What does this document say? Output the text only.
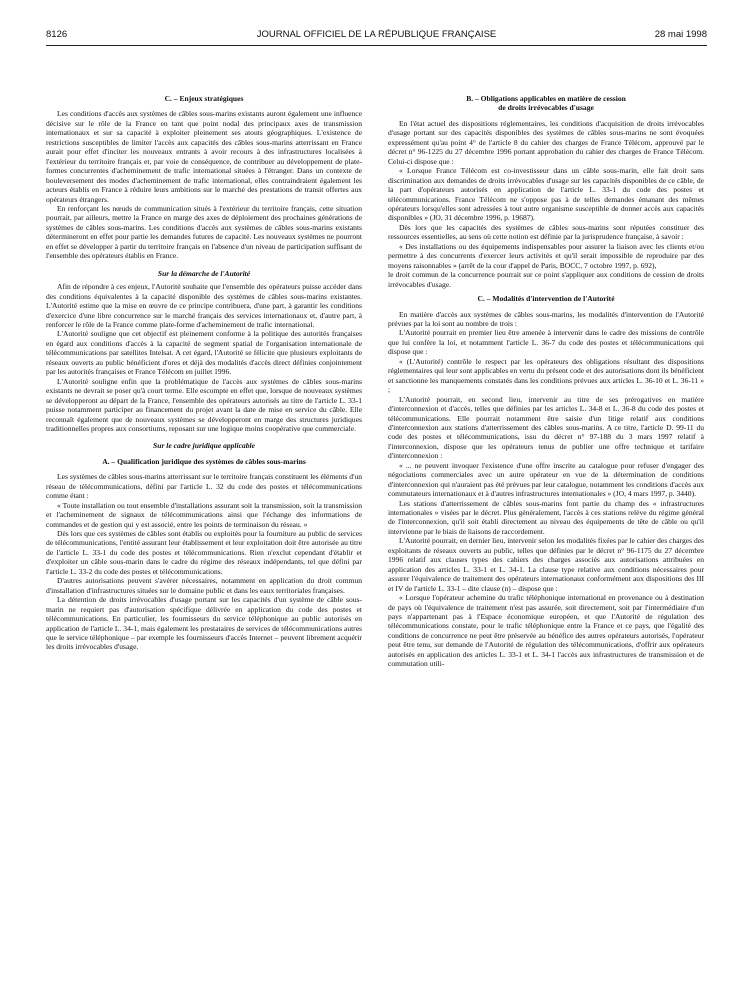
8126	JOURNAL OFFICIEL DE LA RÉPUBLIQUE FRANÇAISE	28 mai 1998
C. – Enjeux stratégiques

Les conditions d'accès aux systèmes de câbles sous-marins existants auront également une influence décisive sur le rôle de la France en tant que point nodal des principaux axes de transmission internationaux et sur sa capacité à exploiter pleinement ses atouts géographiques. L'existence de restrictions susceptibles de limiter l'accès aux capacités des câbles sous-marins atterrissant en France aurait pour effet d'inciter les nouveaux entrants à avoir recours à des infrastructures localisées à l'extérieur du territoire français et, par voie de conséquence, de contribuer au développement de plate-formes concurrentes d'acheminement de trafic international situées à l'étranger. Dans un contexte de bouleversement des modes d'acheminement de trafic international, elles contraindraient également les acteurs établis en France à réduire leurs ambitions sur le marché des prestations de transit offertes aux opérateurs étrangers.

En renforçant les nœuds de communication situés à l'extérieur du territoire français, cette situation pourrait, par ailleurs, mettre la France en marge des axes de déploiement des prochaines générations de systèmes de câbles sous-marins. Les conditions d'accès aux systèmes de câbles sous-marins existants détermineront en effet pour partie les demandes futures de capacité. Les nouveaux systèmes ne pourront en effet se développer à partir du territoire français en l'absence d'un niveau de participation suffisant de l'ensemble des opérateurs établis en France.

Sur la démarche de l'Autorité

Afin de répondre à ces enjeux, l'Autorité souhaite que l'ensemble des opérateurs puisse accéder dans des conditions équivalentes à la capacité disponible des systèmes de câbles sous-marins existantes. L'Autorité estime que la mise en œuvre de ce principe contribuera, d'une part, à garantir les conditions d'exercice d'une libre concurrence sur le marché français des services internationaux et, d'autre part, à renforcer le rôle de la France comme plate-forme d'acheminement de trafic international.

L'Autorité souligne que cet objectif est pleinement conforme à la politique des autorités françaises en égard aux conditions d'accès à la capacité de segment spatial de l'organisation internationale de télécommunications par satellites Intelsat. A cet égard, l'Autorité se félicite que plusieurs exploitants de réseaux ouverts au public bénéficient d'ores et déjà des modalités d'accès direct définies conjointement par les autorités françaises et France Télécom en juillet 1996.

L'Autorité souligne enfin que la problématique de l'accès aux systèmes de câbles sous-marins existants ne devrait se poser qu'à court terme. Elle escompte en effet que, lorsque de nouveaux systèmes se développeront au départ de la France, l'ensemble des opérateurs autorisés au titre de l'article L. 33-1 puisse notamment participer au financement du projet avant la date de mise en service du câble. Elle reconnaît également que de nouveaux systèmes se développeront en marge des structures juridiques traditionnelles propres aux consortiums, reposant sur une logique moins coopérative que commerciale.

Sur le cadre juridique applicable
A. – Qualification juridique des systèmes de câbles sous-marins

Les systèmes de câbles sous-marins atterrissant sur le territoire français constituent les éléments d'un réseau de télécommunications, défini par l'article L. 32 du code des postes et télécommunications comme étant :

« Toute installation ou tout ensemble d'installations assurant soit la transmission, soit la transmission et l'acheminement de signaux de télécommunications ainsi que l'échange des informations de commandes et de gestion qui y est associé, entre les points de terminaison du réseau. »

Dès lors que ces systèmes de câbles sont établis ou exploités pour la fourniture au public de services de télécommunications, l'entité assurant leur établissement et leur exploitation doit être autorisée au titre de l'article L. 33-1 du code des postes et télécommunications. Rien n'exclut cependant d'établir et d'exploiter un câble sous-marin dans le cadre du régime des réseaux indépendants, tel que défini par l'article L. 33-2 du code des postes et télécommunications.

D'autres autorisations peuvent s'avérer nécessaires, notamment en application du droit commun d'installation d'infrastructures situées sur le domaine public et dans les eaux territoriales françaises.

La détention de droits irrévocables d'usage portant sur les capacités d'un système de câble sous-marin ne requiert pas d'autorisation spécifique délivrée en application du code des postes et télécommunications. En particulier, les fournisseurs du service téléphonique au public autorisés en application de l'article L. 34-1, mais également les prestataires de services de télécommunications autres que le service téléphonique – par exemple les fournisseurs d'accès Internet – peuvent librement acquérir les droits irrévocables d'usage.

B. – Obligations applicables en matière de cession
de droits irrévocables d'usage

En l'état actuel des dispositions réglementaires, les conditions d'acquisition de droits irrévocables d'usage portant sur des capacités disponibles des systèmes de câbles sous-marins ne sont évoquées expressément qu'au point 4° de l'article 8 du cahier des charges de France Télécom, approuvé par le décret n° 96-1225 du 27 décembre 1996 portant approbation du cahier des charges de France Télécom. Celui-ci dispose que :

« Lorsque France Télécom est co-investisseur dans un câble sous-marin, elle fait droit sans discrimination aux demandes de droits irrévocables d'usage sur les capacités disponibles de ce câble, de la part d'opérateurs autorisés en application de l'article L. 33-1 du code des postes et télécommunications. France Télécom ne s'oppose pas à de telles demandes émanant des mêmes opérateurs lorsqu'elles sont adressées à tout autre organisme susceptible de donner accès aux capacités disponibles » (JO, 31 décembre 1996, p. 19687).

Dès lors que les capacités des systèmes de câbles sous-marins sont réputées constituer des ressources essentielles, au sens où cette notion est définie par la jurisprudence française, à savoir :

« Des installations ou des équipements indispensables pour assurer la liaison avec les clients et/ou permettre à des concurrents d'exercer leurs activités et qu'il serait impossible de reproduire par des moyens raisonnables » (arrêt de la cour d'appel de Paris, BOCC, 7 octobre 1997, p. 692),

le droit commun de la concurrence pourrait sur ce point s'appliquer aux conditions de cession de droits irrévocables d'usage.

C. – Modalités d'intervention de l'Autorité

En matière d'accès aux systèmes de câbles sous-marins, les modalités d'intervention de l'Autorité prévues par la loi sont au nombre de trois :

L'Autorité pourrait en premier lieu être amenée à intervenir dans le cadre des missions de contrôle que lui confère la loi, et notamment l'article L. 36-7 du code des postes et télécommunications qui dispose que :

« (L'Autorité) contrôle le respect par les opérateurs des obligations résultant des dispositions réglementaires qui leur sont applicables en vertu du présent code et des autorisations dont ils bénéficient et sanctionne les manquements constatés dans les conditions prévues aux articles L. 36-10 et L. 36-11 » ;

L'Autorité pourrait, en second lieu, intervenir au titre de ses prérogatives en matière d'interconnexion et d'accès, telles que définies par les articles L. 34-8 et L. 36-8 du code des postes et télécommunications. Elle pourrait notamment être saisie d'un litige relatif aux conditions d'interconnexion aux stations d'atterrissement des câbles sous-marins. A ce titre, l'article D. 99-11 du code des postes et télécommunications, issu du décret n° 97-188 du 3 mars 1997 relatif à l'interconnexion, dispose que les opérateurs tenus de publier une offre technique et tarifaire d'interconnexion :

« ... ne peuvent invoquer l'existence d'une offre inscrite au catalogue pour refuser d'engager des négociations commerciales avec un autre opérateur en vue de la détermination de conditions d'interconnexion qui n'auraient pas été prévues par leur catalogue, notamment les conditions d'accès aux commutateurs internationaux et à d'autres infrastructures internationales » (JO, 4 mars 1997, p. 3440).

Les stations d'atterrissement de câbles sous-marins font partie du champ des « infrastructures internationales » visées par le décret. Plus généralement, l'accès à ces stations relève du régime général de l'interconnexion, qu'il soit établi directement au niveau des équipements de tête de câble ou qu'il intervienne par le biais de liaisons de raccordement.

L'Autorité pourrait, en dernier lieu, intervenir selon les modalités fixées par le cahier des charges des exploitants de réseaux ouverts au public, telles que définies par le décret n° 96-1175 du 27 décembre 1996 relatif aux clauses types des cahiers des charges associés aux autorisations attribuées en application des articles L. 33-1 et L. 34-1. La clause type relative aux conditions nécessaires pour assurer l'équivalence de traitement des opérateurs internationaux conformément aux dispositions des III et IV de l'article L. 33-1 – dite clause (n) – dispose que :

« Lorsque l'opérateur achemine du trafic téléphonique international en provenance ou à destination de pays où l'équivalence de traitement n'est pas assurée, soit directement, soit par l'intermédiaire d'un pays n'appartenant pas à l'Espace économique européen, et que l'Autorité de régulation des télécommunications constate, pour le trafic téléphonique entre la France et ce pays, que l'égalité des conditions de concurrence ne peut être préservée au bénéfice des autres opérateurs autorisés, l'opérateur peut être tenu, sur demande de l'Autorité de régulation des télécommunications, d'offrir aux opérateurs autorisés en application des articles L. 33-1 et L. 34-1 l'accès aux infrastructures de transmission et de commutation utili-
